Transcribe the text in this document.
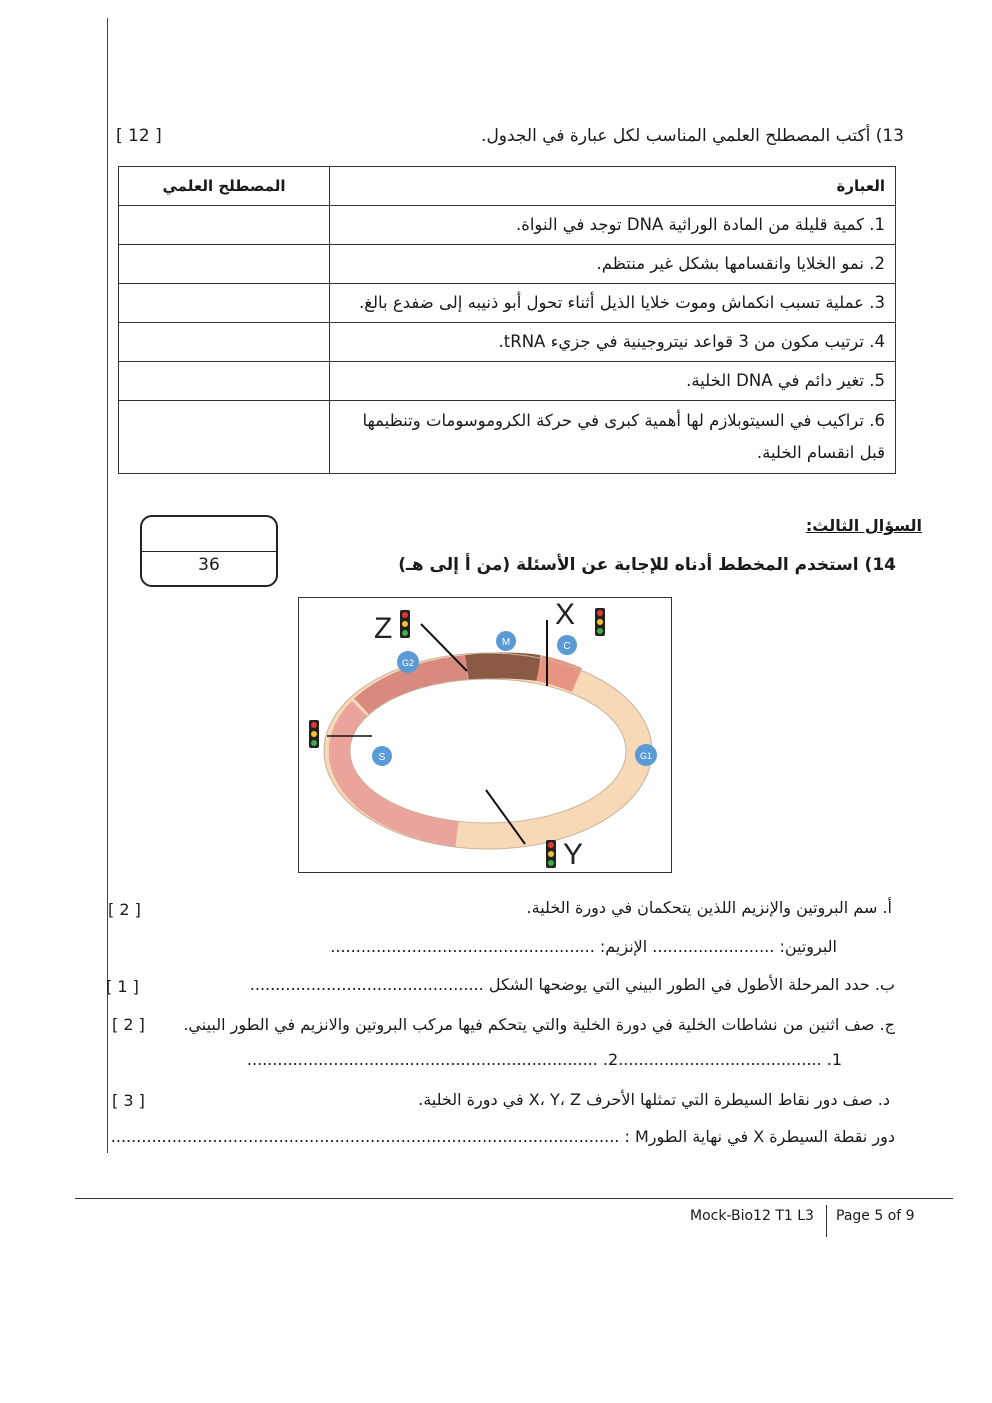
13) أكتب المصطلح العلمي المناسب لكل عبارة في الجدول.
[ 12 ]
العبارة	المصطلح العلمي
1. كمية قليلة من المادة الوراثية DNA توجد في النواة.	
2. نمو الخلايا وانقسامها بشكل غير منتظم.	
3. عملية تسبب انكماش وموت خلايا الذيل أثناء تحول أبو ذنيبه إلى ضفدع بالغ.	
4. ترتيب مكون من 3 قواعد نيتروجينية في جزيء tRNA.	
5. تغير دائم في DNA الخلية.	

6. تراكيب في السيتوبلازم لها أهمية كبرى في حركة الكروموسومات وتنظيمها
قبل انقسام الخلية.	

السؤال الثالث:
36	14) استخدم المخطط أدناه للإجابة عن الأسئلة (من أ إلى هـ)
M	C
G2
S	G1
Z	X
Y
أ. سم البروتين والإنزيم اللذين يتحكمان في دورة الخلية.
[ 2 ]
البروتين: ........................ الإنزيم: ....................................................
ب. حدد المرحلة الأطول في الطور البيني التي يوضحها الشكل ..............................................
[ 1 ]
ج. صف اثنين من نشاطات الخلية في دورة الخلية والتي يتحكم فيها مركب البروتين والانزيم في الطور البيني.
[ 2 ]
1. ........................................2. .....................................................................
د. صف دور نقاط السيطرة التي تمثلها الأحرف X، Y، Z في دورة الخلية.
[ 3 ]
دور نقطة السيطرة X في نهاية الطورM : ....................................................................................................
Mock-Bio12 T1 L3 Page 5 of 9
